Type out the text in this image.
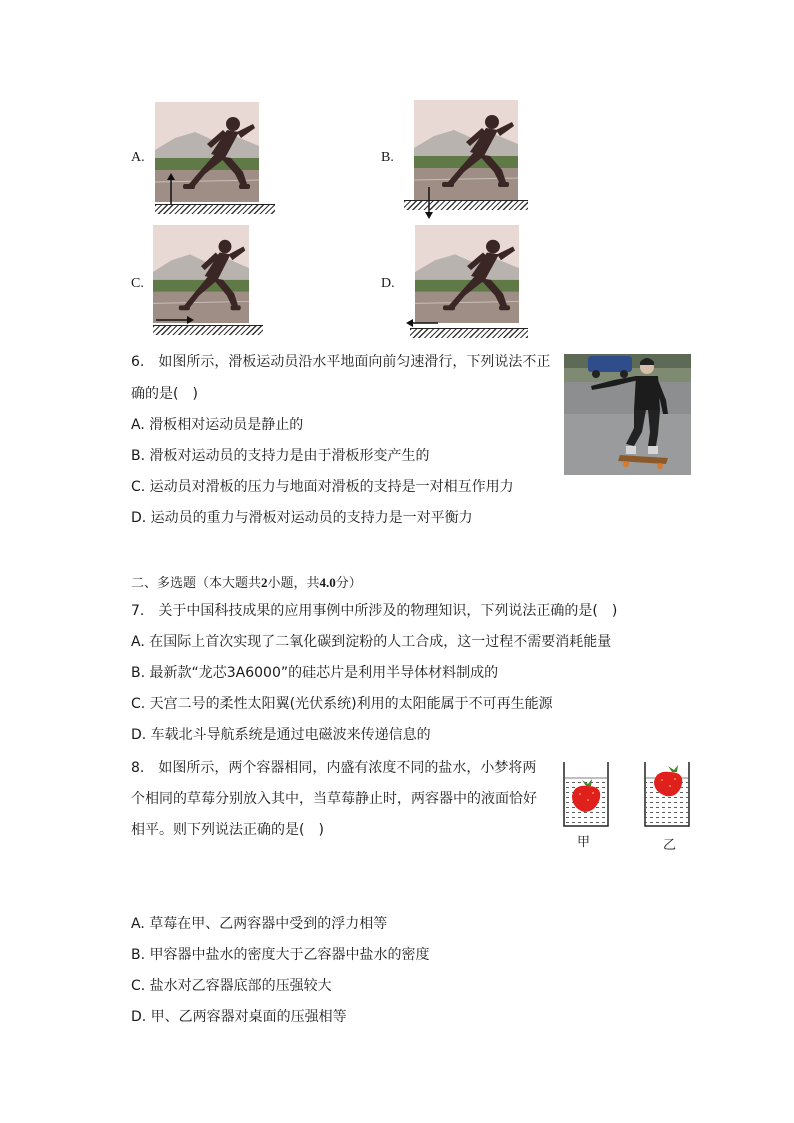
A.	B.
C.	D.
6.　如图所示，滑板运动员沿水平地面向前匀速滑行，下列说法不正
确的是(　)
A. 滑板相对运动员是静止的
B. 滑板对运动员的支持力是由于滑板形变产生的
C. 运动员对滑板的压力与地面对滑板的支持是一对相互作用力
D. 运动员的重力与滑板对运动员的支持力是一对平衡力
二、多选题（本大题共2小题，共4.0分）
7.　关于中国科技成果的应用事例中所涉及的物理知识，下列说法正确的是(　)
A. 在国际上首次实现了二氧化碳到淀粉的人工合成，这一过程不需要消耗能量
B. 最新款“龙芯3A6000”的硅芯片是利用半导体材料制成的
C. 天宫二号的柔性太阳翼(光伏系统)利用的太阳能属于不可再生能源
D. 车载北斗导航系统是通过电磁波来传递信息的
8.　如图所示，两个容器相同，内盛有浓度不同的盐水，小梦将两
个相同的草莓分别放入其中，当草莓静止时，两容器中的液面恰好
相平。则下列说法正确的是(　)
甲	乙
A. 草莓在甲、乙两容器中受到的浮力相等
B. 甲容器中盐水的密度大于乙容器中盐水的密度
C. 盐水对乙容器底部的压强较大
D. 甲、乙两容器对桌面的压强相等
